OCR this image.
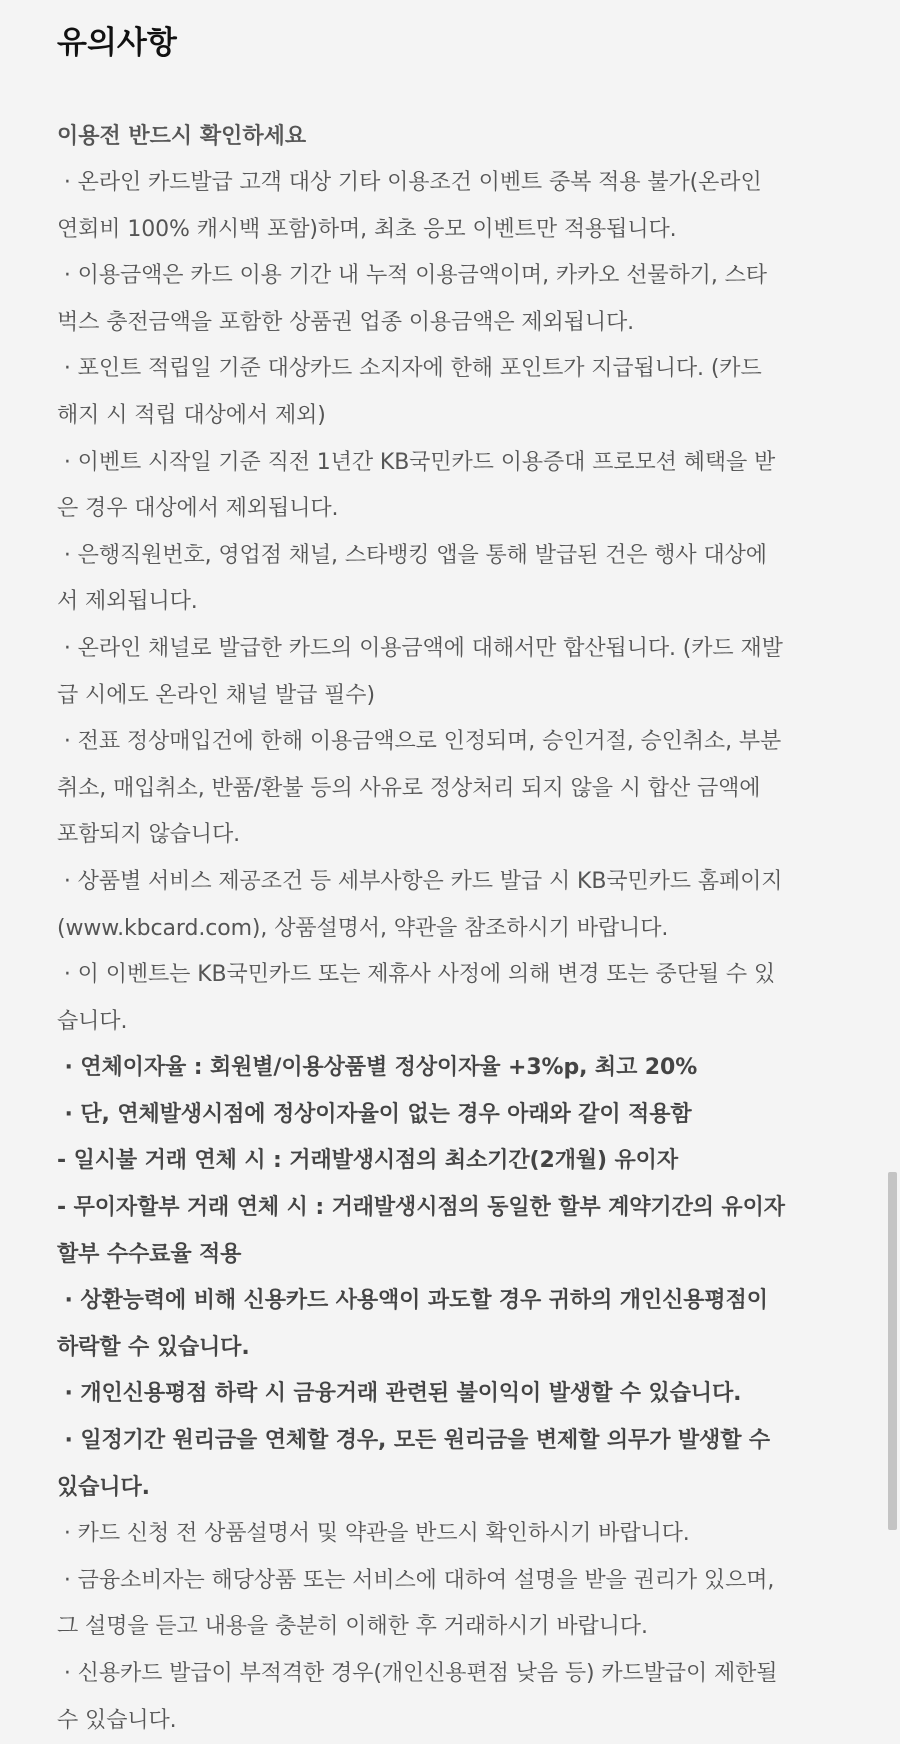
유의사항
이용전 반드시 확인하세요
· 온라인 카드발급 고객 대상 기타 이용조건 이벤트 중복 적용 불가(온라인
연회비 100% 캐시백 포함)하며, 최초 응모 이벤트만 적용됩니다.
· 이용금액은 카드 이용 기간 내 누적 이용금액이며, 카카오 선물하기, 스타
벅스 충전금액을 포함한 상품권 업종 이용금액은 제외됩니다.
· 포인트 적립일 기준 대상카드 소지자에 한해 포인트가 지급됩니다. (카드
해지 시 적립 대상에서 제외)
· 이벤트 시작일 기준 직전 1년간 KB국민카드 이용증대 프로모션 혜택을 받
은 경우 대상에서 제외됩니다.
· 은행직원번호, 영업점 채널, 스타뱅킹 앱을 통해 발급된 건은 행사 대상에
서 제외됩니다.
· 온라인 채널로 발급한 카드의 이용금액에 대해서만 합산됩니다. (카드 재발
급 시에도 온라인 채널 발급 필수)
· 전표 정상매입건에 한해 이용금액으로 인정되며, 승인거절, 승인취소, 부분
취소, 매입취소, 반품/환불 등의 사유로 정상처리 되지 않을 시 합산 금액에
포함되지 않습니다.
· 상품별 서비스 제공조건 등 세부사항은 카드 발급 시 KB국민카드 홈페이지
(www.kbcard.com), 상품설명서, 약관을 참조하시기 바랍니다.
· 이 이벤트는 KB국민카드 또는 제휴사 사정에 의해 변경 또는 중단될 수 있
습니다.
· 연체이자율 : 회원별/이용상품별 정상이자율 +3%p, 최고 20%
· 단, 연체발생시점에 정상이자율이 없는 경우 아래와 같이 적용함
- 일시불 거래 연체 시 : 거래발생시점의 최소기간(2개월) 유이자
- 무이자할부 거래 연체 시 : 거래발생시점의 동일한 할부 계약기간의 유이자
할부 수수료율 적용
· 상환능력에 비해 신용카드 사용액이 과도할 경우 귀하의 개인신용평점이
하락할 수 있습니다.
· 개인신용평점 하락 시 금융거래 관련된 불이익이 발생할 수 있습니다.
· 일정기간 원리금을 연체할 경우, 모든 원리금을 변제할 의무가 발생할 수
있습니다.
· 카드 신청 전 상품설명서 및 약관을 반드시 확인하시기 바랍니다.
· 금융소비자는 해당상품 또는 서비스에 대하여 설명을 받을 권리가 있으며,
그 설명을 듣고 내용을 충분히 이해한 후 거래하시기 바랍니다.
· 신용카드 발급이 부적격한 경우(개인신용편점 낮음 등) 카드발급이 제한될
수 있습니다.
